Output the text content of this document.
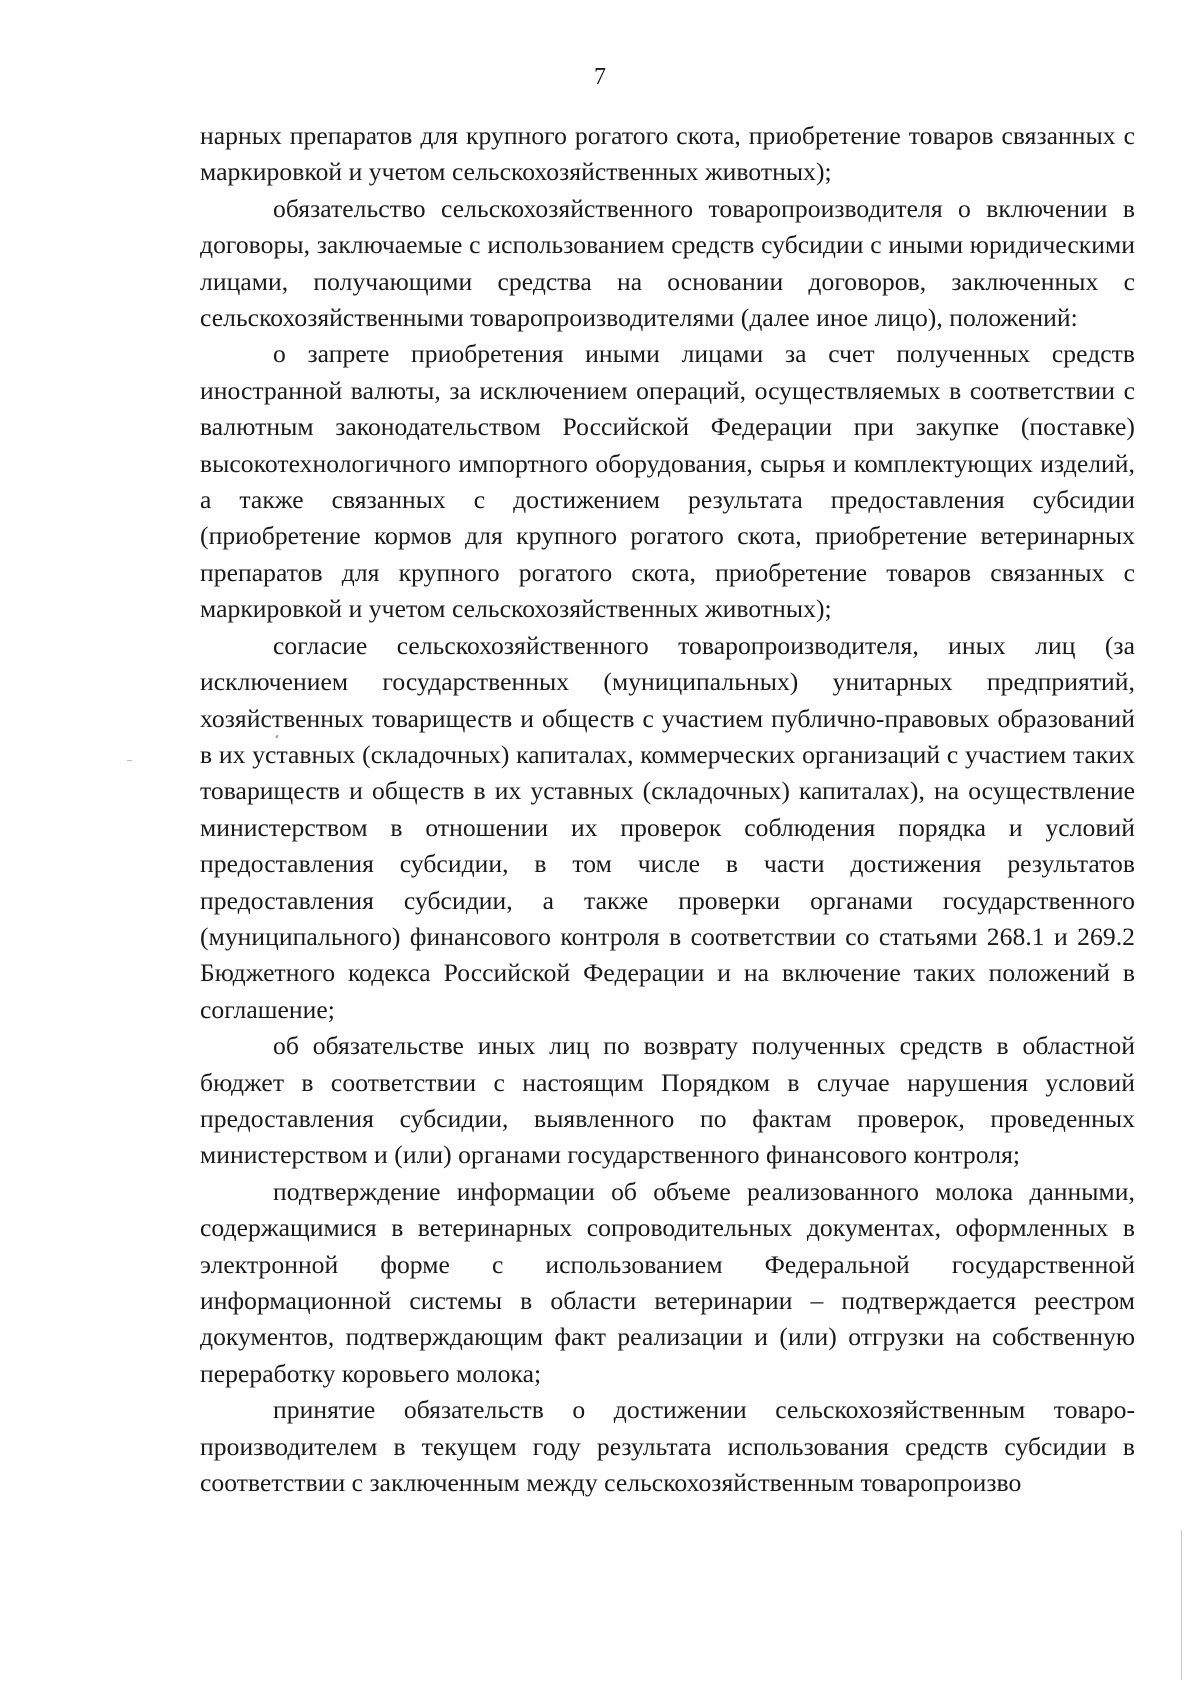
7

нарных препаратов для крупного рогатого скота, приобретение товаров связанных с маркировкой и учетом сельскохозяйственных животных);

обязательство сельскохозяйственного товаропроизводителя о включении в договоры, заключаемые с использованием средств субсидии с иными юридическими лицами, получающими средства на основании договоров, заключенных с сельскохозяйственными товаропроизводителями (далее иное лицо), положений:

о запрете приобретения иными лицами за счет полученных средств иностранной валюты, за исключением операций, осуществляемых в соответствии с валютным законодательством Российской Федерации при закупке (поставке) высокотехнологичного импортного оборудования, сырья и комплектующих изделий, а также связанных с достижением результата предоставления субсидии (приобретение кормов для крупного рогатого скота, приобретение ветеринарных препаратов для крупного рогатого скота, приобретение товаров связанных с маркировкой и учетом сельскохозяйственных животных);

согласие сельскохозяйственного товаропроизводителя, иных лиц (за исключением государственных (муниципальных) унитарных предприятий, хозяйственных товариществ и обществ с участием публично-правовых образований в их уставных (складочных) капиталах, коммерческих организаций с участием таких товариществ и обществ в их уставных (складочных) капиталах), на осуществление министерством в отношении их проверок соблюдения порядка и условий предоставления субсидии, в том числе в части достижения результатов предоставления субсидии, а также проверки органами государственного (муниципального) финансового контроля в соответствии со статьями 268.1 и 269.2 Бюджетного кодекса Российской Федерации и на включение таких положений в соглашение;

об обязательстве иных лиц по возврату полученных средств в областной бюджет в соответствии с настоящим Порядком в случае нарушения условий предоставления субсидии, выявленного по фактам проверок, проведенных министерством и (или) органами государственного финансового контроля;

подтверждение информации об объеме реализованного молока данными, содержащимися в ветеринарных сопроводительных документах, оформленных в электронной форме с использованием Федеральной государственной информационной системы в области ветеринарии – подтверждается реестром документов, подтверждающим факт реализации и (или) отгрузки на собственную переработку коровьего молока;

принятие обязательств о достижении сельскохозяйственным товаропроизводителем в текущем году результата использования средств субсидии в соответствии с заключенным между сельскохозяйственным товаропроизво
